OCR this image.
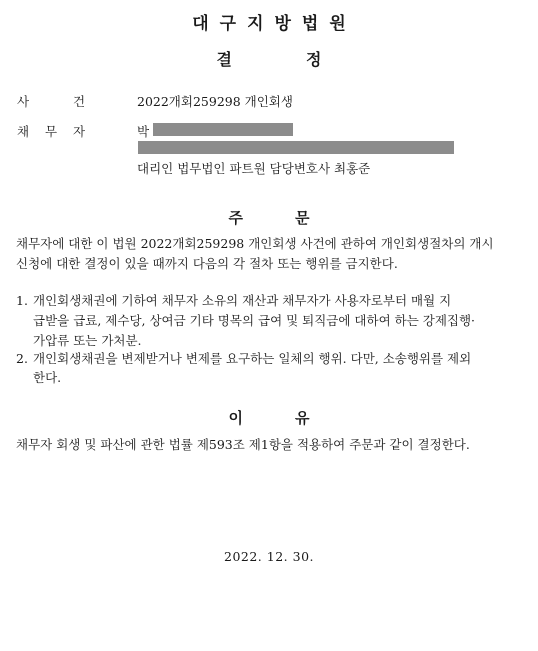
대구지방법원
결	정
사	건	2022개회259298 개인회생
채 무 자	박
대리인 법무법인 파트원 담당변호사 최홍준
주	문
채무자에 대한 이 법원 2022개회259298 개인회생 사건에 관하여 개인회생절차의 개시
신청에 대한 결정이 있을 때까지 다음의 각 절차 또는 행위를 금지한다.
1. 개인회생채권에 기하여 채무자 소유의 재산과 채무자가 사용자로부터 매월 지
급받을 급료, 제수당, 상여금 기타 명목의 급여 및 퇴직금에 대하여 하는 강제집행·
가압류 또는 가처분.
2. 개인회생채권을 변제받거나 변제를 요구하는 일체의 행위. 다만, 소송행위를 제외
한다.
이	유
채무자 회생 및 파산에 관한 법률 제593조 제1항을 적용하여 주문과 같이 결정한다.
2022. 12. 30.
